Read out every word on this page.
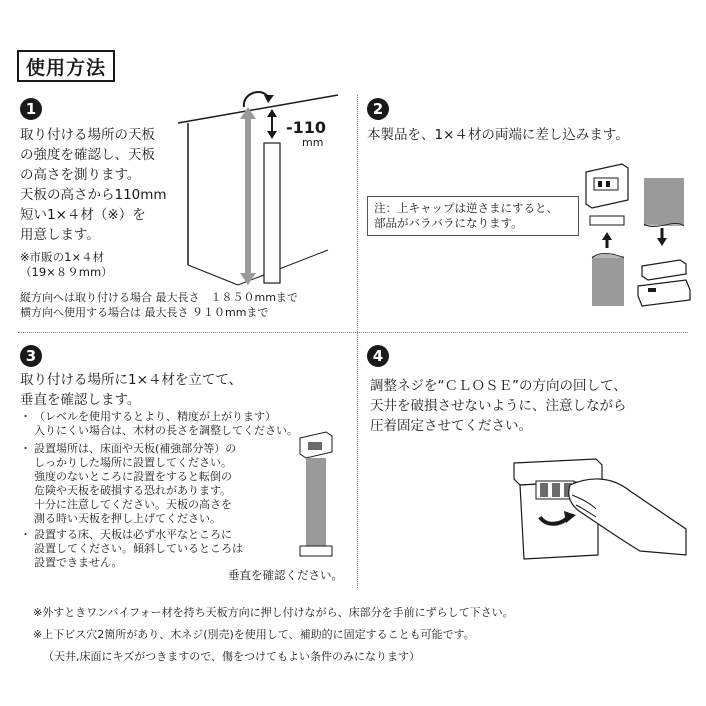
使用方法
1
取り付ける場所の天板
の強度を確認し、天板
の高さを測ります。
天板の高さから110mm
短い1×４材（※）を
用意します。
※市販の1×４材
（19×８９mm）
縦方向へは取り付ける場合 最大長さ　１８５０mmまで
横方向へ使用する場合は 最大長さ ９１０mmまで
-110
mm
2
本製品を、1×４材の両端に差し込みます。
注：上キャップは逆さまにすると、
部品がバラバラになります。
3
取り付ける場所に1×４材を立てて、
垂直を確認します。
・ （レベルを使用するとより、精度が上がります）
入りにくい場合は、木材の長さを調整してください。
・ 設置場所は、床面や天板(補強部分等）の
しっかりした場所に設置してください。
強度のないところに設置をすると転倒の
危険や天板を破損する恐れがあります。
十分に注意してください。天板の高さを
測る時い天板を押し上げてください。
・ 設置する床、天板は必ず水平なところに
設置してください。傾斜しているところは
設置できません。
垂直を確認ください。
4
調整ネジを“ＣＬＯＳＥ”の方向の回して、
天井を破損させないように、注意しながら
圧着固定させてください。
※外すときワンバイフォー材を持ち天板方向に押し付けながら、床部分を手前にずらして下さい。
※上下ビス穴2箇所があり、木ネジ(別売)を使用して、補助的に固定することも可能です。
（天井,床面にキズがつきますので、傷をつけてもよい条件のみになります）
